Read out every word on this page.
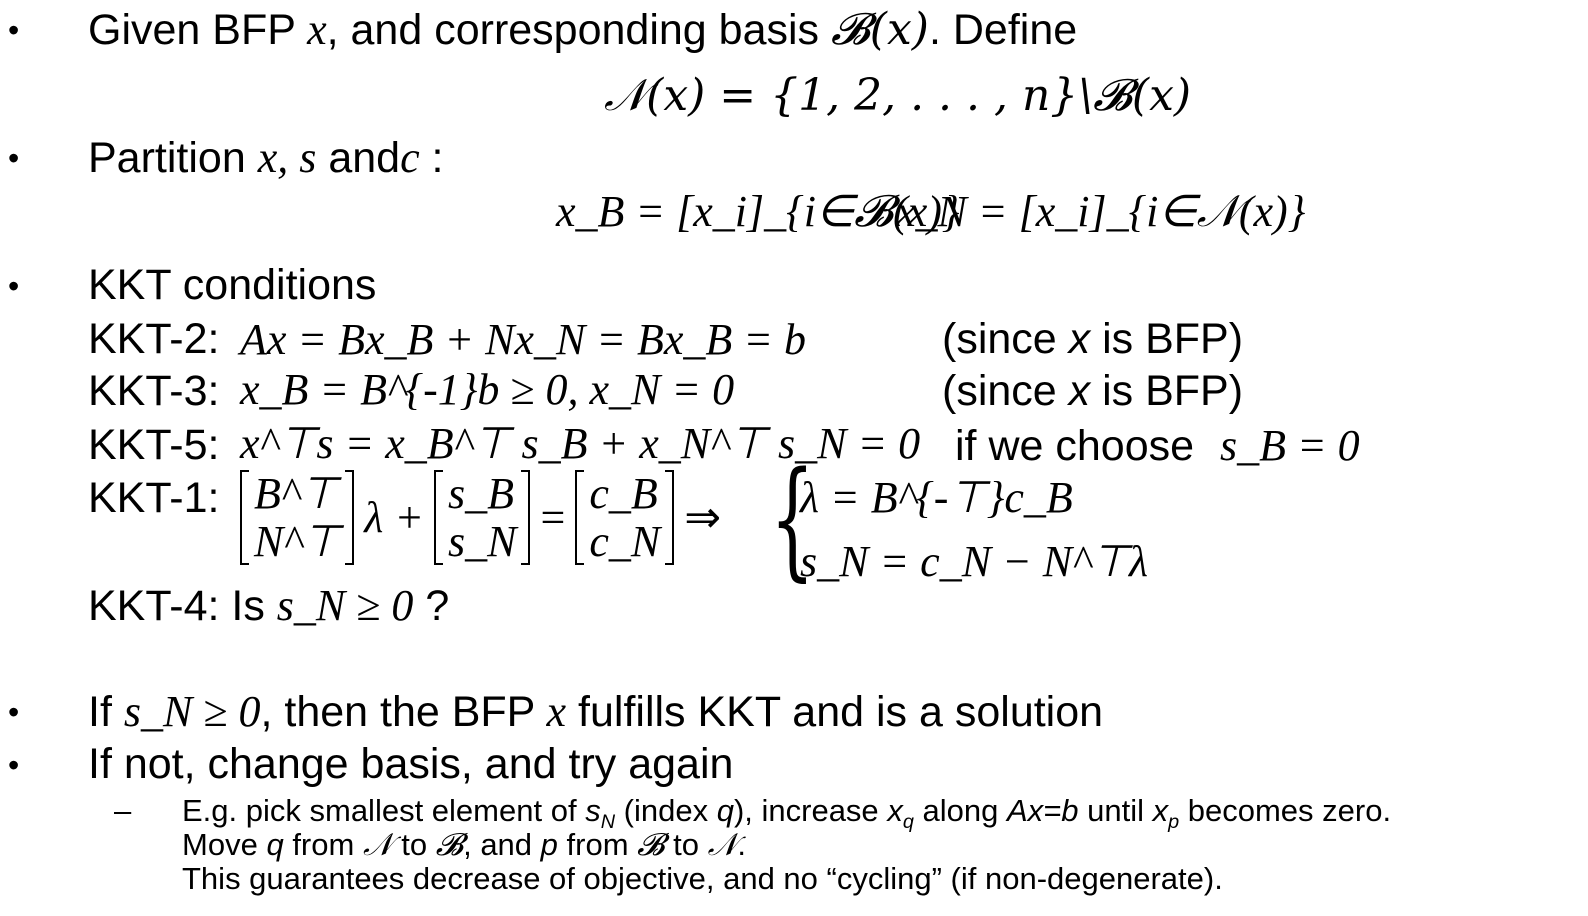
• Given BFP x, and corresponding basis 𝓑(x). Define
𝒩(x) = {1, 2, . . . , n}\𝓑(x)
• Partition x, s andc :
x_B = [x_i]_{i∈𝓑(x)}
x_N = [x_i]_{i∈𝒩(x)}
• KKT conditions
KKT-2: Ax = Bx_B + Nx_N = Bx_B = b	(since x is BFP)
KKT-3: x_B = B^{-1}b ≥ 0, x_N = 0	(since x is BFP)
KKT-5: x^⊤s = x_B^⊤ s_B + x_N^⊤ s_N = 0 if we choose s_B = 0
KKT-1: B^⊤
N^⊤ λ + s_B
s_N = c_B
c_N ⇒ {
λ = B^{-⊤}c_B
s_N = c_N − N^⊤λ
KKT-4: Is s_N ≥ 0 ?
• If s_N ≥ 0, then the BFP x fulfills KKT and is a solution
• If not, change basis, and try again
– E.g. pick smallest element of $s_N$ (index q), increase $x_q$ along Ax=b until $x_p$ becomes zero.
Move q from 𝒩 to 𝓑, and p from 𝓑 to 𝒩.
This guarantees decrease of objective, and no “cycling” (if non-degenerate).
